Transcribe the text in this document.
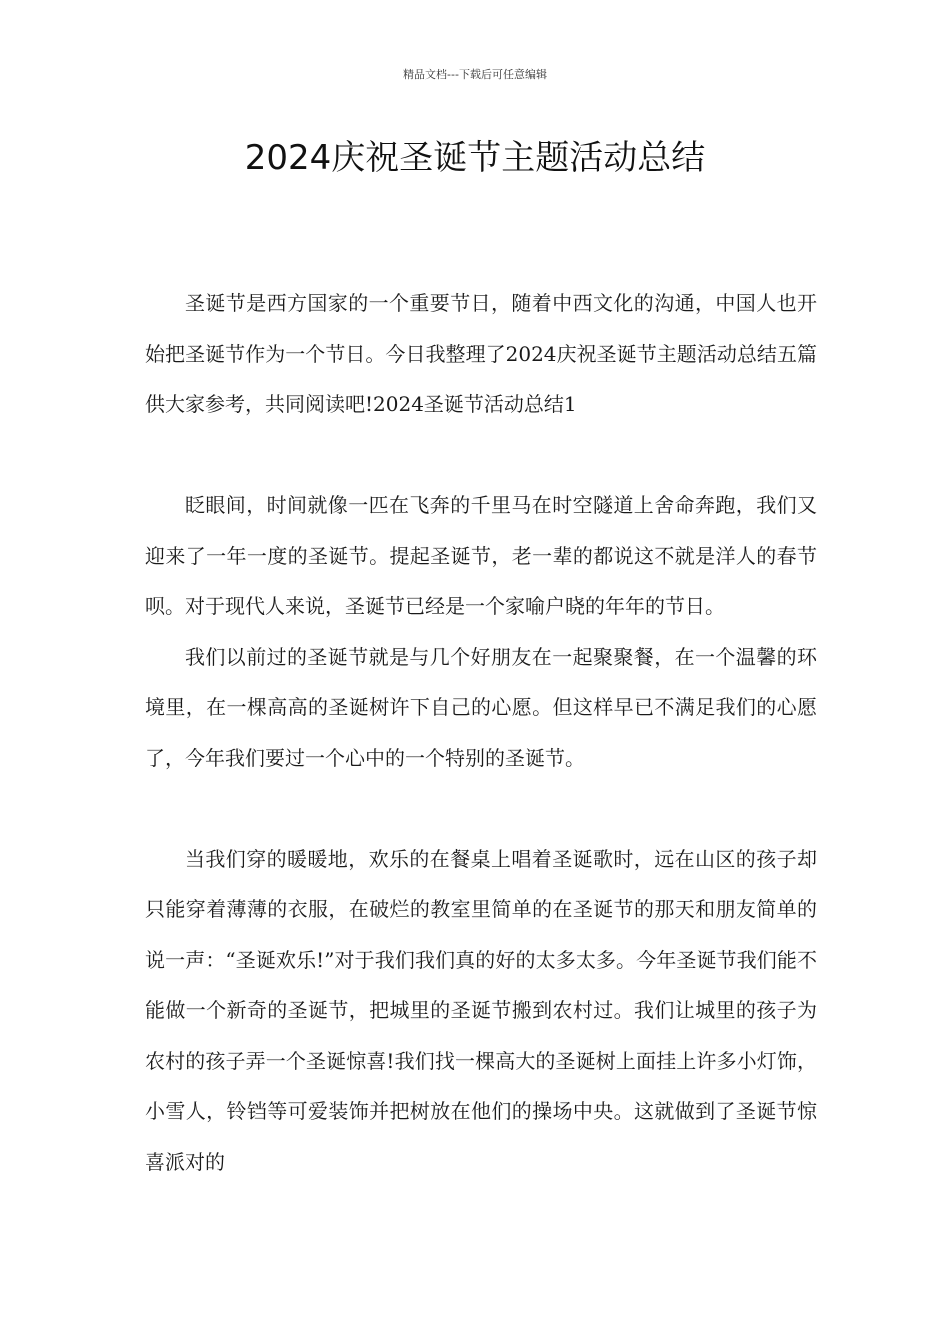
精品文档---下载后可任意编辑
2024庆祝圣诞节主题活动总结

圣诞节是西方国家的一个重要节日，随着中西文化的沟通，中国人也开始把圣诞节作为一个节日。今日我整理了2024庆祝圣诞节主题活动总结五篇供大家参考，共同阅读吧!2024圣诞节活动总结1

眨眼间，时间就像一匹在飞奔的千里马在时空隧道上舍命奔跑，我们又迎来了一年一度的圣诞节。提起圣诞节，老一辈的都说这不就是洋人的春节呗。对于现代人来说，圣诞节已经是一个家喻户晓的年年的节日。

我们以前过的圣诞节就是与几个好朋友在一起聚聚餐，在一个温馨的环境里，在一棵高高的圣诞树许下自己的心愿。但这样早已不满足我们的心愿了，今年我们要过一个心中的一个特别的圣诞节。

当我们穿的暖暖地，欢乐的在餐桌上唱着圣诞歌时，远在山区的孩子却只能穿着薄薄的衣服，在破烂的教室里简单的在圣诞节的那天和朋友简单的说一声：“圣诞欢乐!”对于我们我们真的好的太多太多。今年圣诞节我们能不能做一个新奇的圣诞节，把城里的圣诞节搬到农村过。我们让城里的孩子为农村的孩子弄一个圣诞惊喜!我们找一棵高大的圣诞树上面挂上许多小灯饰，小雪人，铃铛等可爱装饰并把树放在他们的操场中央。这就做到了圣诞节惊喜派对的
